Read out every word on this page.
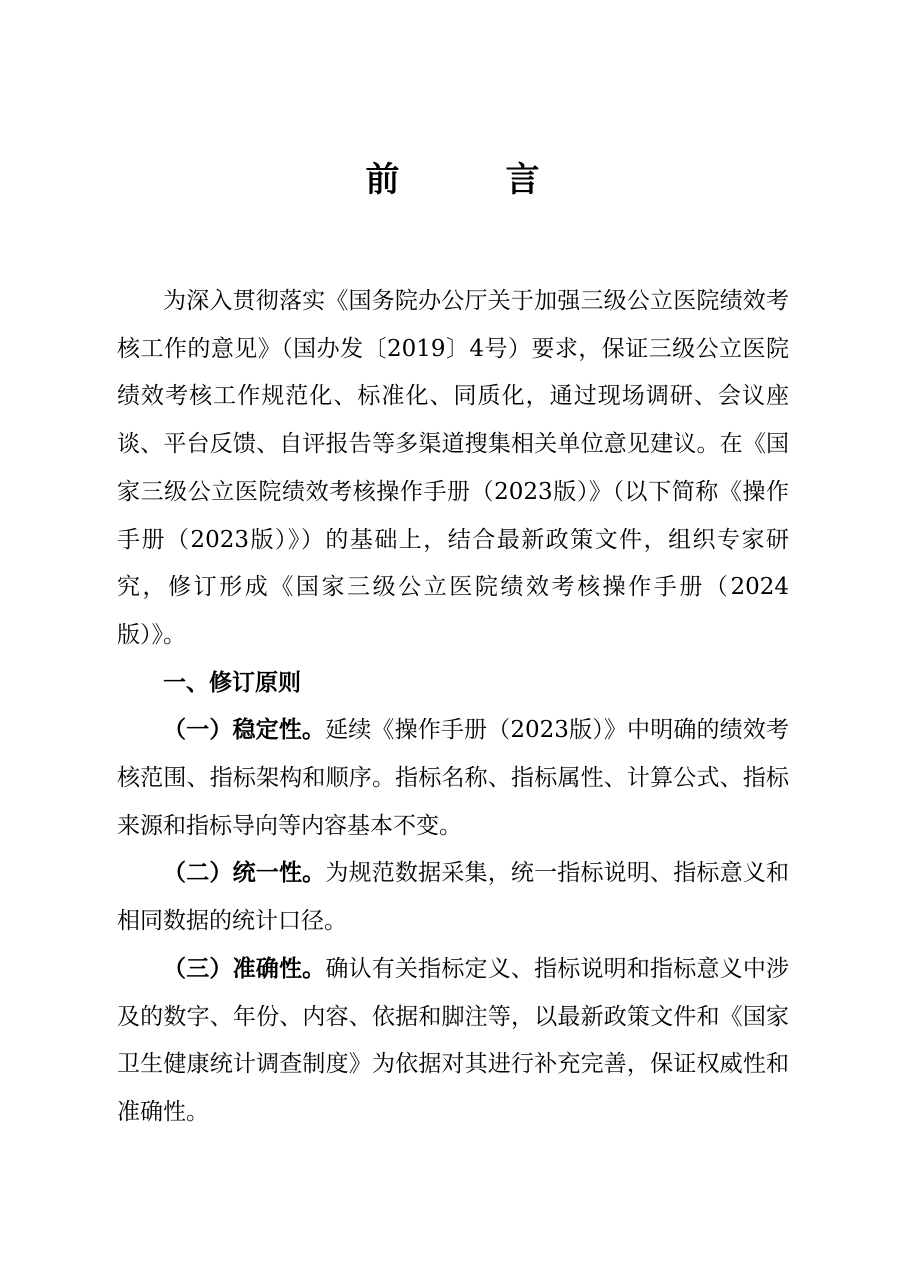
前　言

为深入贯彻落实《国务院办公厅关于加强三级公立医院绩效考核工作的意见》（国办发〔2019〕4号）要求，保证三级公立医院绩效考核工作规范化、标准化、同质化，通过现场调研、会议座谈、平台反馈、自评报告等多渠道搜集相关单位意见建议。在《国家三级公立医院绩效考核操作手册（2023版）》（以下简称《操作手册（2023版）》）的基础上，结合最新政策文件，组织专家研究，修订形成《国家三级公立医院绩效考核操作手册（2024版）》。

一、修订原则

（一）稳定性。延续《操作手册（2023版）》中明确的绩效考核范围、指标架构和顺序。指标名称、指标属性、计算公式、指标来源和指标导向等内容基本不变。

（二）统一性。为规范数据采集，统一指标说明、指标意义和相同数据的统计口径。

（三）准确性。确认有关指标定义、指标说明和指标意义中涉及的数字、年份、内容、依据和脚注等，以最新政策文件和《国家卫生健康统计调查制度》为依据对其进行补充完善，保证权威性和准确性。
